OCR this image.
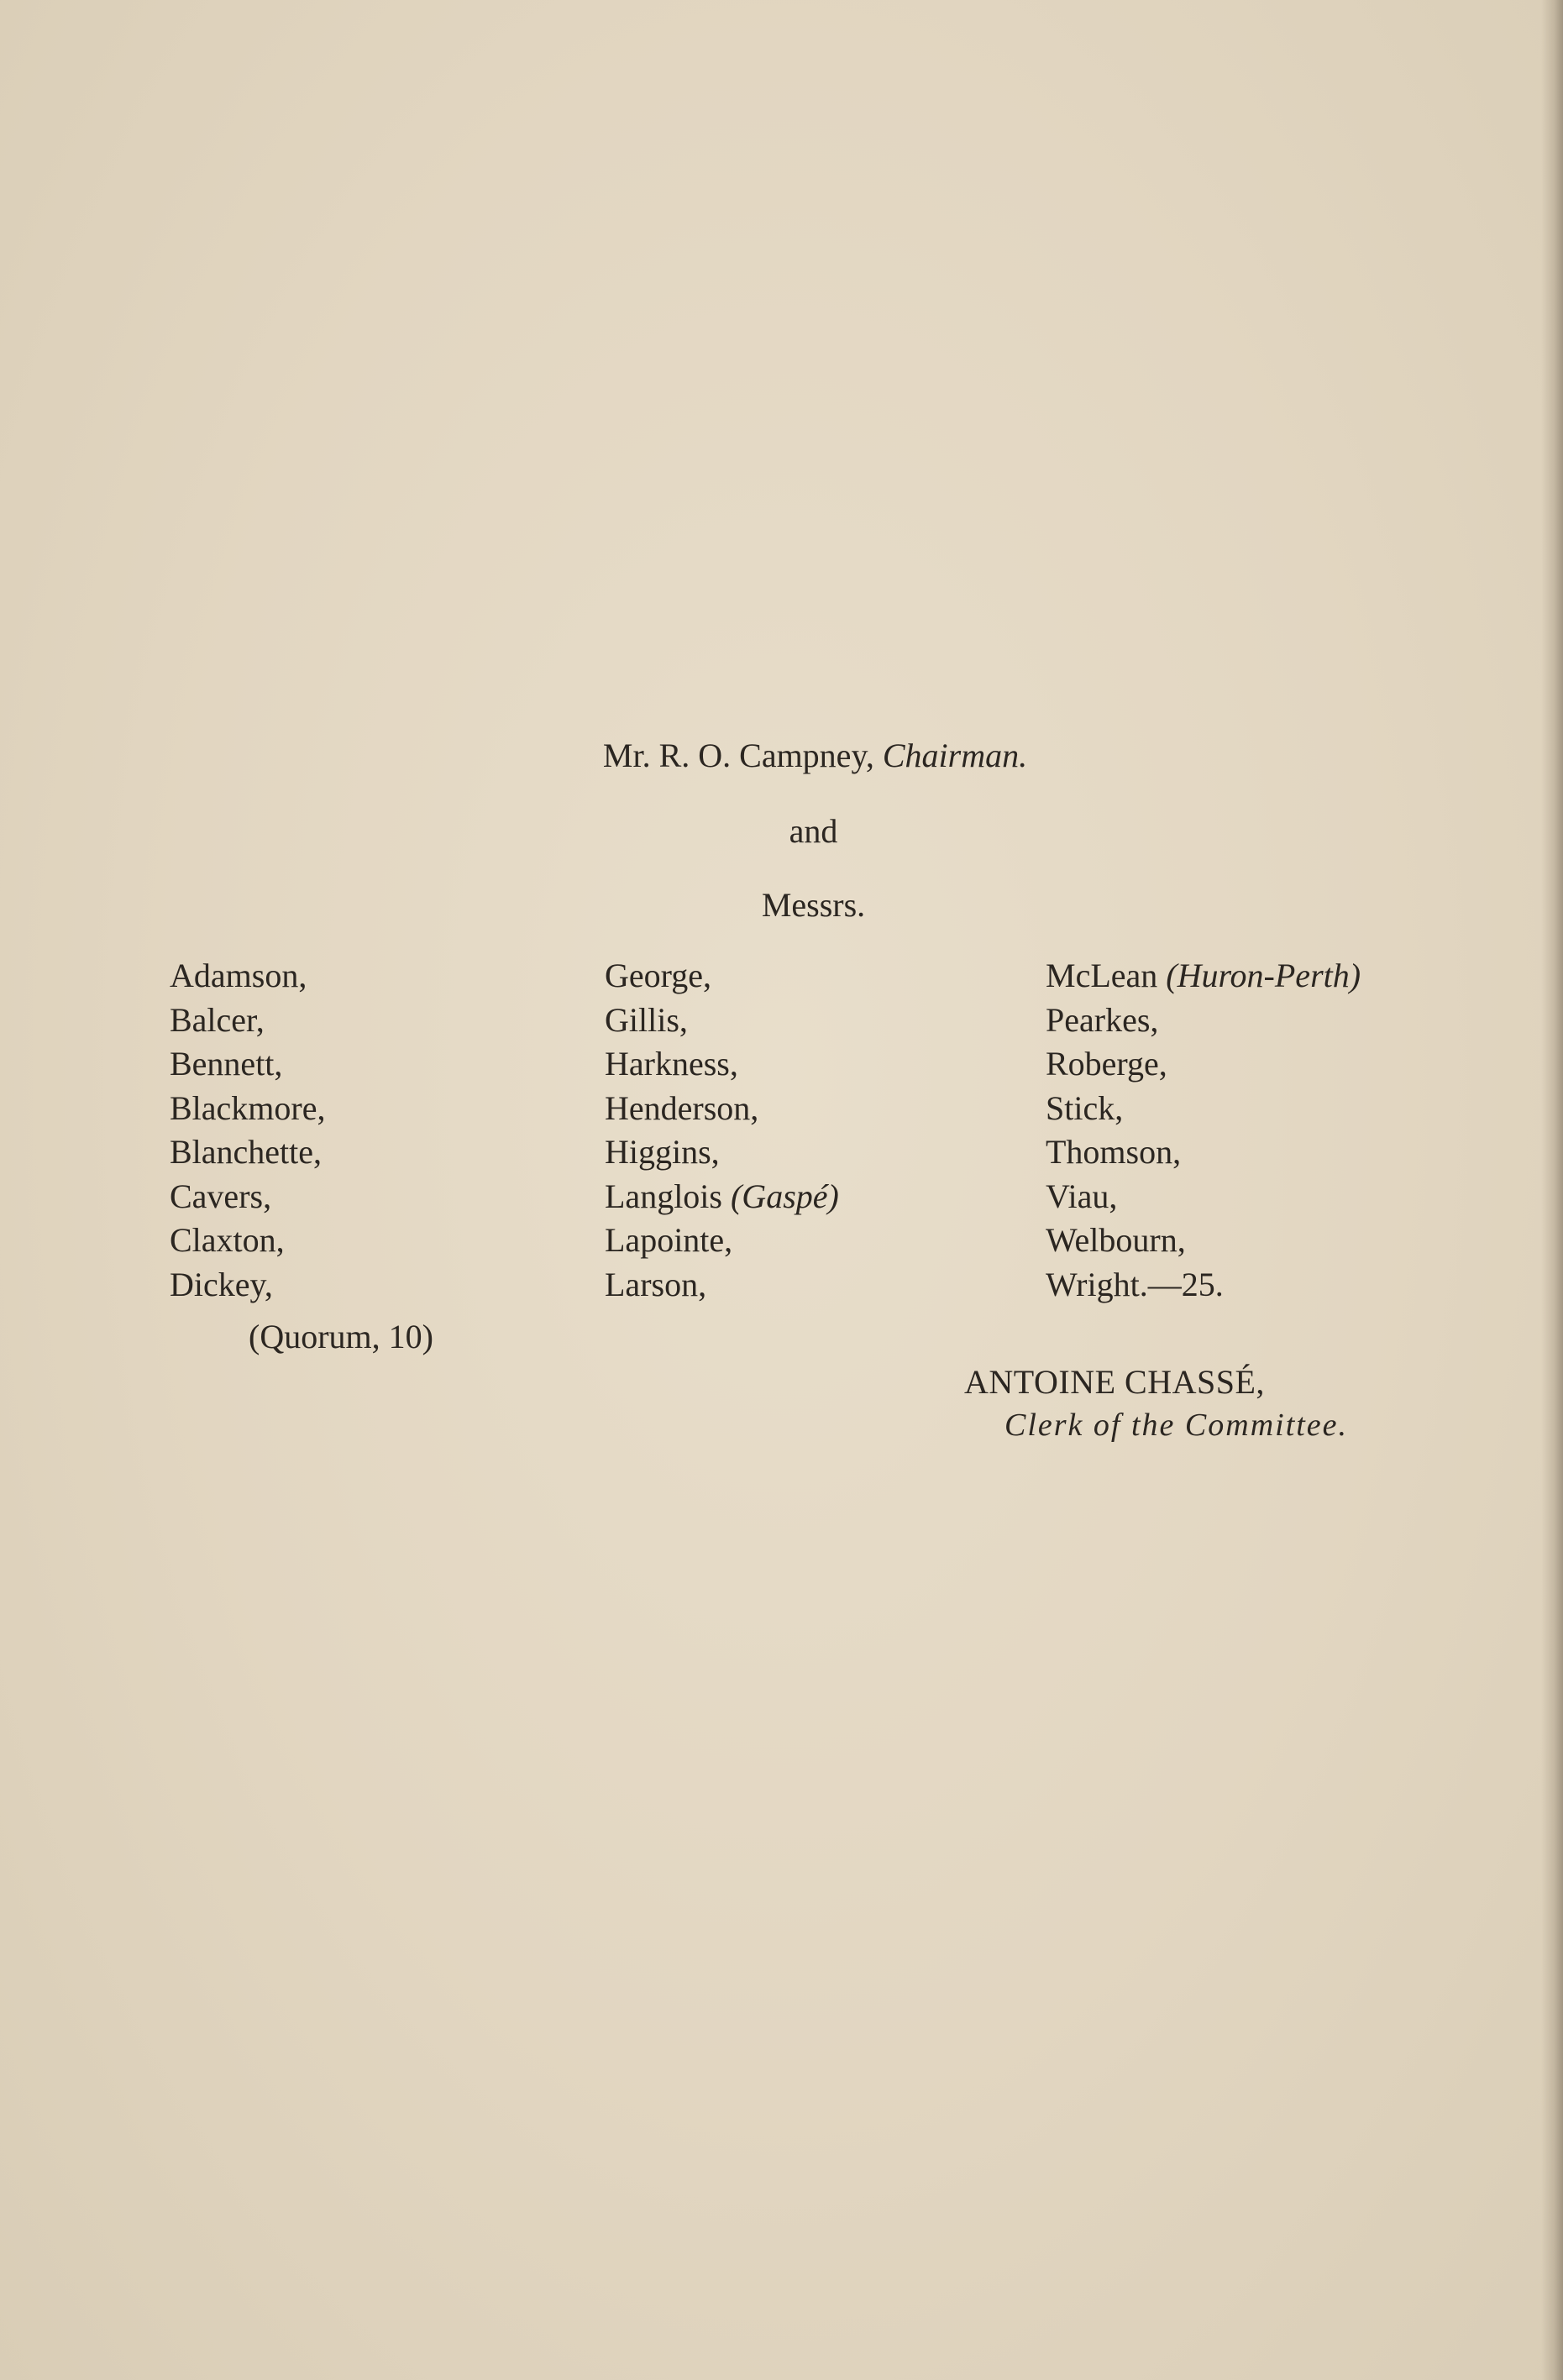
Mr. R. O. Campney, Chairman.
and
Messrs.
Adamson,
Balcer,
Bennett,
Blackmore,
Blanchette,
Cavers,
Claxton,
Dickey,
George,
Gillis,
Harkness,
Henderson,
Higgins,
Langlois (Gaspé)
Lapointe,
Larson,
McLean (Huron-Perth)
Pearkes,
Roberge,
Stick,
Thomson,
Viau,
Welbourn,
Wright.—25.
(Quorum, 10)
ANTOINE CHASSÉ,
Clerk of the Committee.
